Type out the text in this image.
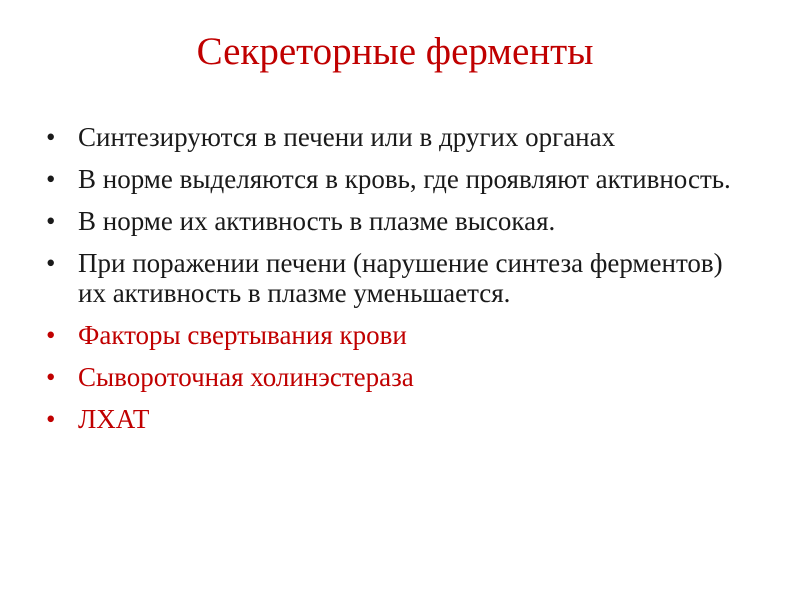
Секреторные ферменты
• Синтезируются в печени или в других органах
• В норме выделяются в кровь, где проявляют активность.
• В норме их активность в плазме высокая.
• При поражении печени (нарушение синтеза ферментов) их активность в плазме уменьшается.
• Факторы свертывания крови
• Сывороточная холинэстераза
• ЛХАТ
